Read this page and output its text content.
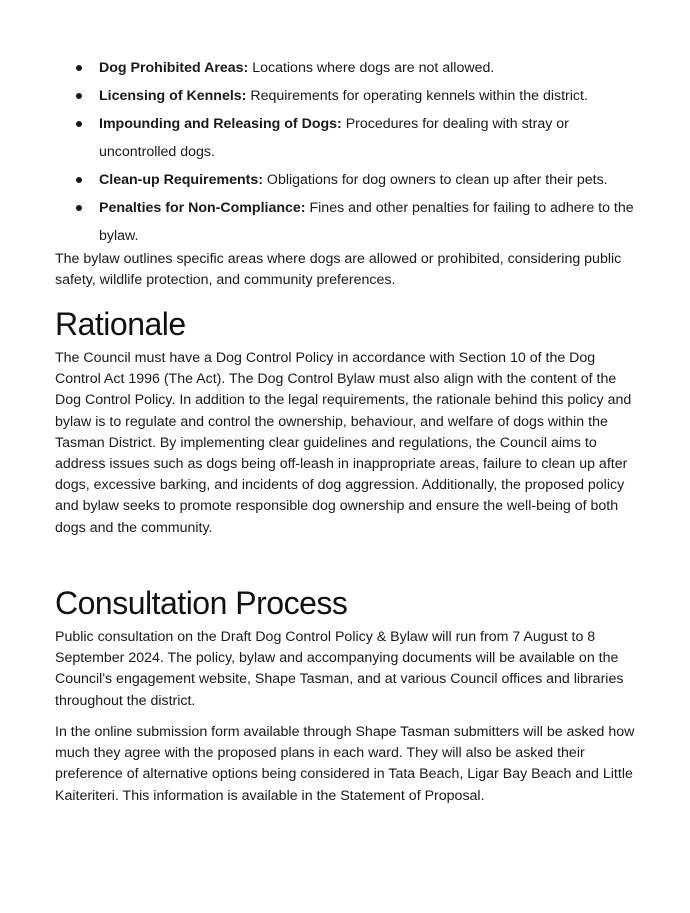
Dog Prohibited Areas: Locations where dogs are not allowed.
Licensing of Kennels: Requirements for operating kennels within the district.
Impounding and Releasing of Dogs: Procedures for dealing with stray or uncontrolled dogs.
Clean-up Requirements: Obligations for dog owners to clean up after their pets.
Penalties for Non-Compliance: Fines and other penalties for failing to adhere to the bylaw.

The bylaw outlines specific areas where dogs are allowed or prohibited, considering public safety, wildlife protection, and community preferences.

Rationale

The Council must have a Dog Control Policy in accordance with Section 10 of the Dog Control Act 1996 (The Act). The Dog Control Bylaw must also align with the content of the Dog Control Policy. In addition to the legal requirements, the rationale behind this policy and bylaw is to regulate and control the ownership, behaviour, and welfare of dogs within the Tasman District. By implementing clear guidelines and regulations, the Council aims to address issues such as dogs being off-leash in inappropriate areas, failure to clean up after dogs, excessive barking, and incidents of dog aggression. Additionally, the proposed policy and bylaw seeks to promote responsible dog ownership and ensure the well-being of both dogs and the community.

Consultation Process

Public consultation on the Draft Dog Control Policy & Bylaw will run from 7 August to 8 September 2024. The policy, bylaw and accompanying documents will be available on the Council's engagement website, Shape Tasman, and at various Council offices and libraries throughout the district.

In the online submission form available through Shape Tasman submitters will be asked how much they agree with the proposed plans in each ward. They will also be asked their preference of alternative options being considered in Tata Beach, Ligar Bay Beach and Little Kaiteriteri. This information is available in the Statement of Proposal.
